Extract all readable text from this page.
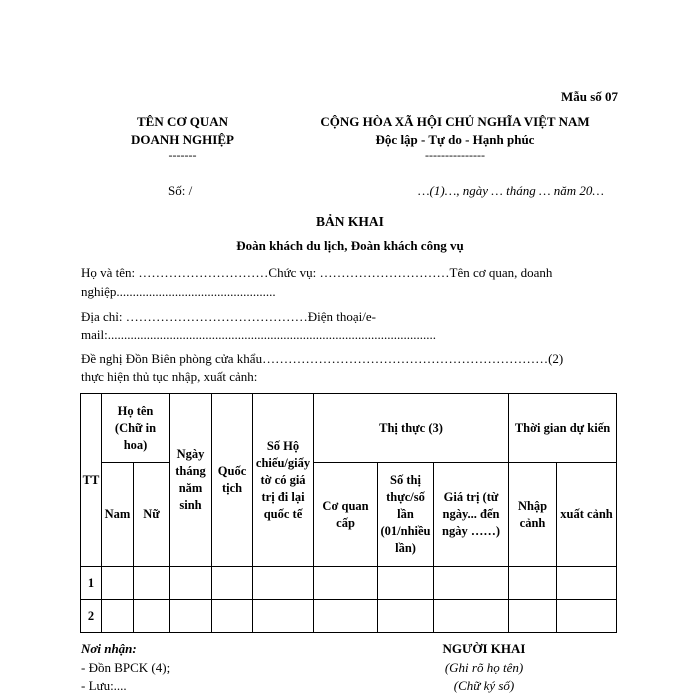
Mẫu số 07
TÊN CƠ QUAN
DOANH NGHIỆP
-------
Số: /
CỘNG HÒA XÃ HỘI CHỦ NGHĨA VIỆT NAM
Độc lập - Tự do - Hạnh phúc
---------------
…(1)…, ngày … tháng … năm 20…
BẢN KHAI
Đoàn khách du lịch, Đoàn khách công vụ
Họ và tên: …………………………Chức vụ: …………………………Tên cơ quan, doanh
nghiệp.................................................
Địa chỉ: ……………………………………Điện thoại/e-
mail:.....................................................................................................
Đề nghị Đồn Biên phòng cửa khẩu…………………………………………………………(2)
thực hiện thủ tục nhập, xuất cảnh:
TT	Họ tên (Chữ in hoa)		Ngày tháng năm sinh	Quốc tịch	Số Hộ chiếu/giấy tờ có giá trị đi lại quốc tế	Thị thực (3)			Thời gian dự kiến	
	Nam	Nữ				Cơ quan cấp	Số thị thực/số lần (01/nhiều lần)	Giá trị (từ ngày... đến ngày ……)	Nhập cảnh	xuất cảnh
1										
2										
Nơi nhận:
- Đồn BPCK (4);
- Lưu:....
NGƯỜI KHAI
(Ghi rõ họ tên)
(Chữ ký số)
